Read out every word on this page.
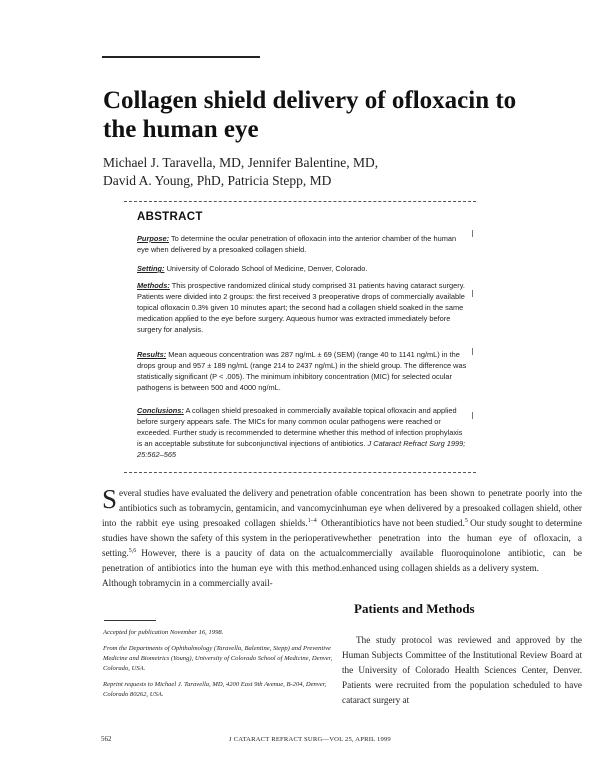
Collagen shield delivery of ofloxacin to the human eye
Michael J. Taravella, MD, Jennifer Balentine, MD,
David A. Young, PhD, Patricia Stepp, MD
ABSTRACT

Purpose: To determine the ocular penetration of ofloxacin into the anterior chamber of the human eye when delivered by a presoaked collagen shield.

Setting: University of Colorado School of Medicine, Denver, Colorado.

Methods: This prospective randomized clinical study comprised 31 patients having cataract surgery. Patients were divided into 2 groups: the first received 3 preoperative drops of commercially available topical ofloxacin 0.3% given 10 minutes apart; the second had a collagen shield soaked in the same medication applied to the eye before surgery. Aqueous humor was extracted immediately before surgery for analysis.

Results: Mean aqueous concentration was 287 ng/mL ± 69 (SEM) (range 40 to 1141 ng/mL) in the drops group and 957 ± 189 ng/mL (range 214 to 2437 ng/mL) in the shield group. The difference was statistically significant (P < .005). The minimum inhibitory concentration (MIC) for selected ocular pathogens is between 500 and 4000 ng/mL.

Conclusions: A collagen shield presoaked in commercially available topical ofloxacin and applied before surgery appears safe. The MICs for many common ocular pathogens were reached or exceeded. Further study is recommended to determine whether this method of infection prophylaxis is an acceptable substitute for subconjunctival injections of antibiotics. J Cataract Refract Surg 1999; 25:562–565

Several studies have evaluated the delivery and penetration of antibiotics such as tobramycin, gentamicin, and vancomycin into the rabbit eye using presoaked collagen shields.$^{1-4}$ Other studies have shown the safety of this system in the perioperative setting.$^{5,6}$ However, there is a paucity of data on the actual penetration of antibiotics into the human eye with this method. Although tobramycin in a commercially avail-

able concentration has been shown to penetrate poorly into the human eye when delivered by a presoaked collagen shield, other antibiotics have not been studied.$^5$ Our study sought to determine whether penetration into the human eye of ofloxacin, a commercially available fluoroquinolone antibiotic, can be enhanced using collagen shields as a delivery system.

Patients and Methods

The study protocol was reviewed and approved by the Human Subjects Committee of the Institutional Review Board at the University of Colorado Health Sciences Center, Denver. Patients were recruited from the population scheduled to have cataract surgery at

Accepted for publication November 16, 1998.

From the Departments of Ophthalmology (Taravella, Balentine, Stepp) and Preventive Medicine and Biometrics (Young), University of Colorado School of Medicine, Denver, Colorado, USA.

Reprint requests to Michael J. Taravella, MD, 4200 East 9th Avenue, B-204, Denver, Colorado 80262, USA.

562	J CATARACT REFRACT SURG—VOL 25, APRIL 1999
